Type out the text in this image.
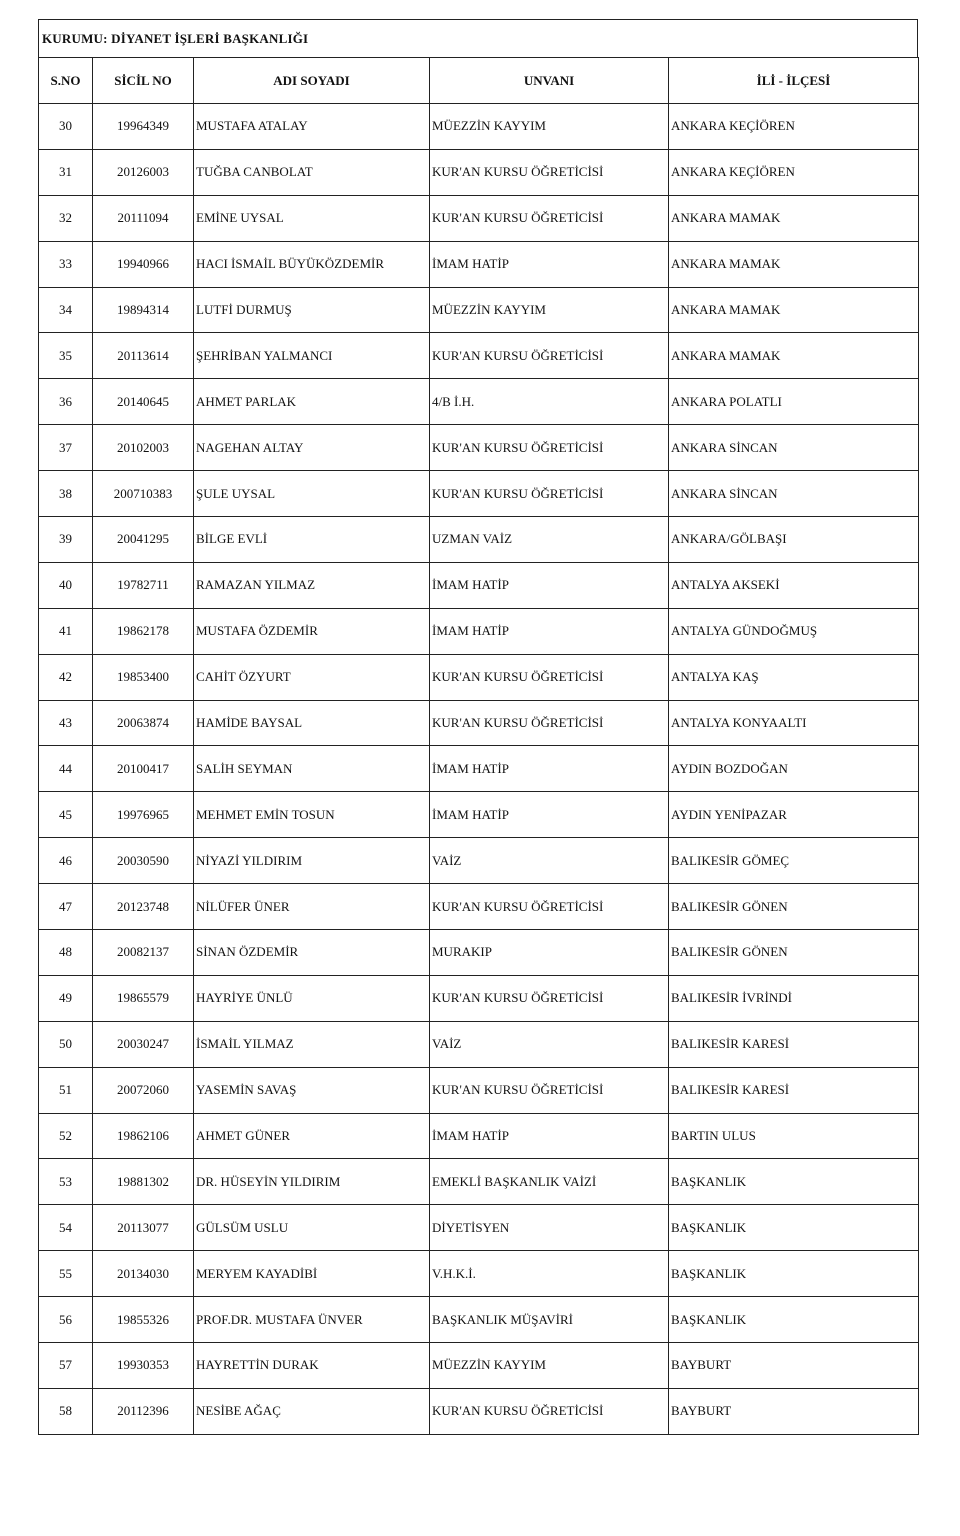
KURUMU: DİYANET İŞLERİ BAŞKANLIĞI
S.NO	SİCİL NO	ADI SOYADI	UNVANI	İLİ - İLÇESİ
30	19964349	MUSTAFA ATALAY	MÜEZZİN KAYYIM	ANKARA KEÇİÖREN
31	20126003	TUĞBA CANBOLAT	KUR'AN KURSU ÖĞRETİCİSİ	ANKARA KEÇİÖREN
32	20111094	EMİNE UYSAL	KUR'AN KURSU ÖĞRETİCİSİ	ANKARA MAMAK
33	19940966	HACI İSMAİL BÜYÜKÖZDEMİR	İMAM HATİP	ANKARA MAMAK
34	19894314	LUTFİ DURMUŞ	MÜEZZİN KAYYIM	ANKARA MAMAK
35	20113614	ŞEHRİBAN YALMANCI	KUR'AN KURSU ÖĞRETİCİSİ	ANKARA MAMAK
36	20140645	AHMET PARLAK	4/B İ.H.	ANKARA POLATLI
37	20102003	NAGEHAN ALTAY	KUR'AN KURSU ÖĞRETİCİSİ	ANKARA SİNCAN
38	200710383	ŞULE UYSAL	KUR'AN KURSU ÖĞRETİCİSİ	ANKARA SİNCAN
39	20041295	BİLGE EVLİ	UZMAN VAİZ	ANKARA/GÖLBAŞI
40	19782711	RAMAZAN YILMAZ	İMAM HATİP	ANTALYA AKSEKİ
41	19862178	MUSTAFA ÖZDEMİR	İMAM HATİP	ANTALYA GÜNDOĞMUŞ
42	19853400	CAHİT ÖZYURT	KUR'AN KURSU ÖĞRETİCİSİ	ANTALYA KAŞ
43	20063874	HAMİDE BAYSAL	KUR'AN KURSU ÖĞRETİCİSİ	ANTALYA KONYAALTI
44	20100417	SALİH SEYMAN	İMAM HATİP	AYDIN BOZDOĞAN
45	19976965	MEHMET EMİN TOSUN	İMAM HATİP	AYDIN YENİPAZAR
46	20030590	NİYAZİ YILDIRIM	VAİZ	BALIKESİR GÖMEÇ
47	20123748	NİLÜFER ÜNER	KUR'AN KURSU ÖĞRETİCİSİ	BALIKESİR GÖNEN
48	20082137	SİNAN ÖZDEMİR	MURAKIP	BALIKESİR GÖNEN
49	19865579	HAYRİYE ÜNLÜ	KUR'AN KURSU ÖĞRETİCİSİ	BALIKESİR İVRİNDİ
50	20030247	İSMAİL YILMAZ	VAİZ	BALIKESİR KARESİ
51	20072060	YASEMİN SAVAŞ	KUR'AN KURSU ÖĞRETİCİSİ	BALIKESİR KARESİ
52	19862106	AHMET GÜNER	İMAM HATİP	BARTIN ULUS
53	19881302	DR. HÜSEYİN YILDIRIM	EMEKLİ BAŞKANLIK VAİZİ	BAŞKANLIK
54	20113077	GÜLSÜM USLU	DİYETİSYEN	BAŞKANLIK
55	20134030	MERYEM KAYADİBİ	V.H.K.İ.	BAŞKANLIK
56	19855326	PROF.DR. MUSTAFA ÜNVER	BAŞKANLIK MÜŞAVİRİ	BAŞKANLIK
57	19930353	HAYRETTİN DURAK	MÜEZZİN KAYYIM	BAYBURT
58	20112396	NESİBE AĞAÇ	KUR'AN KURSU ÖĞRETİCİSİ	BAYBURT
